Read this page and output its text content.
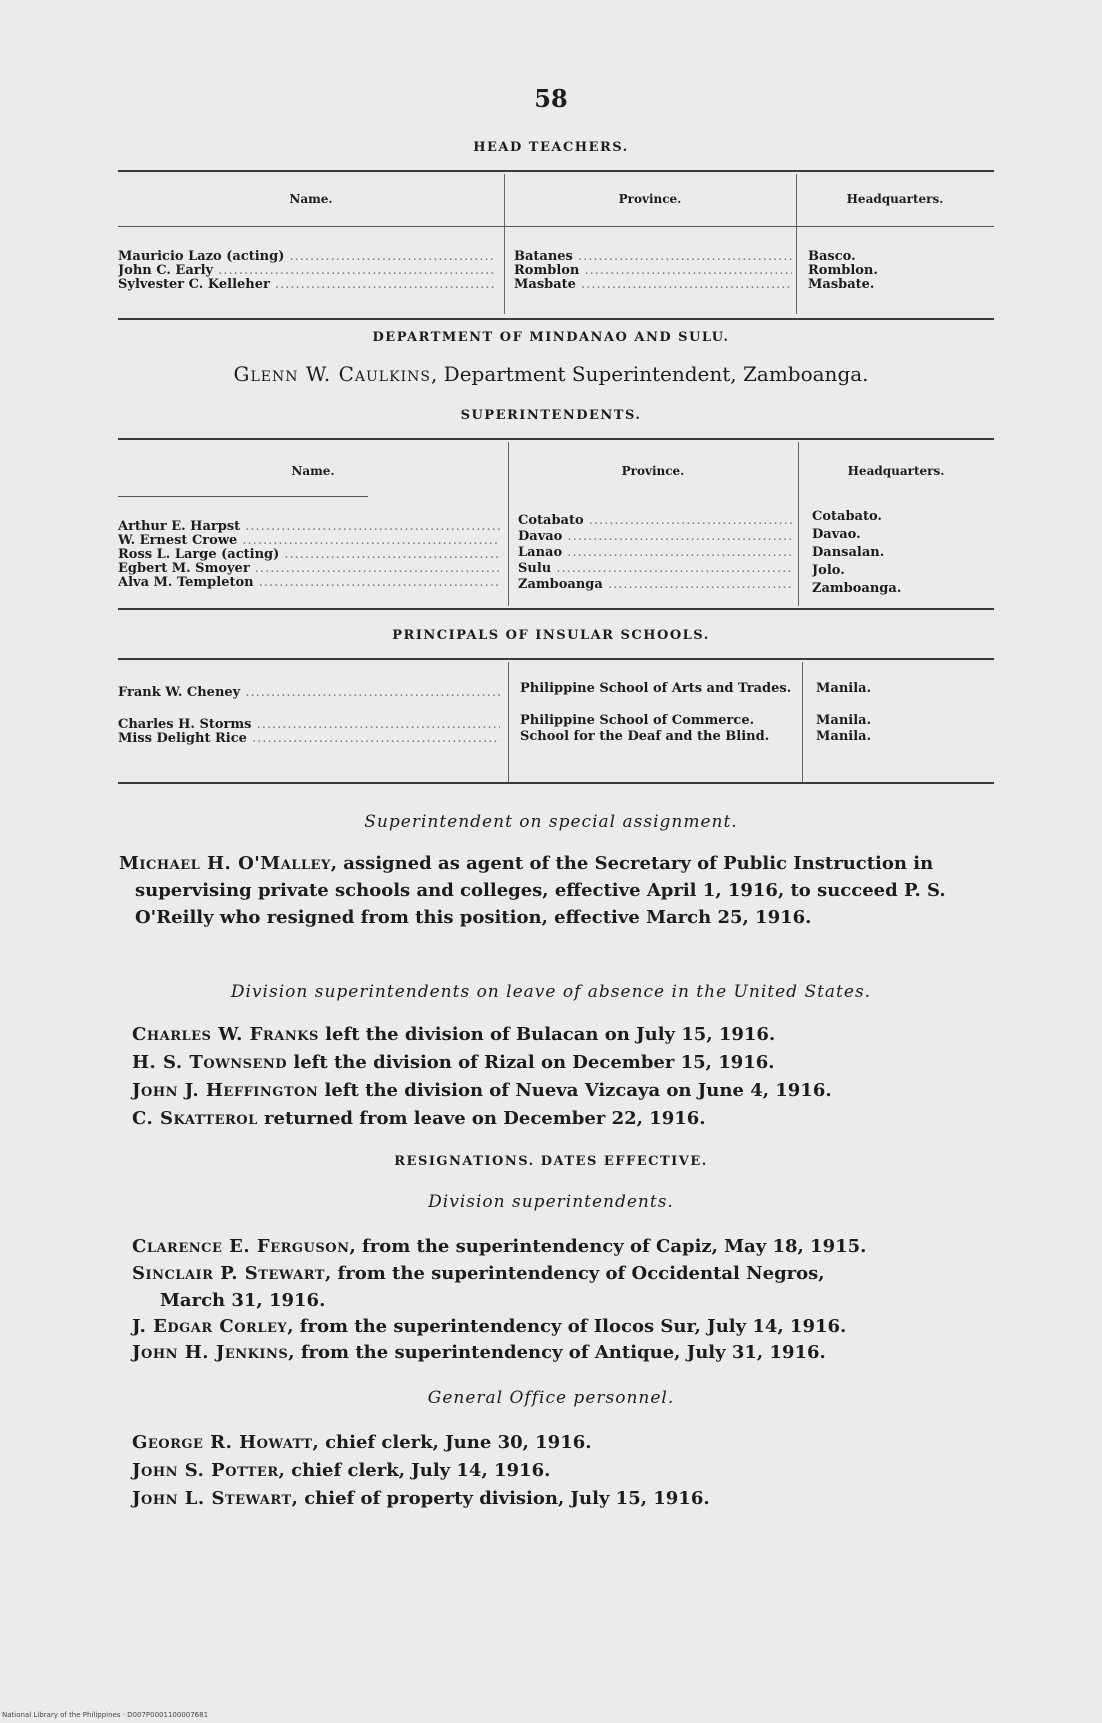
58
HEAD TEACHERS.
Name.	Province.	Headquarters.
Mauricio Lazo (acting) .....	Batanes .....	Basco.
John C. Early .....	Romblon .....	Romblon.
Sylvester C. Kelleher .....	Masbate .....	Masbate.
DEPARTMENT OF MINDANAO AND SULU.
Glenn W. Caulkins, Department Superintendent, Zamboanga.
SUPERINTENDENTS.
Name.	Province.	Headquarters.
Arthur E. Harpst .....	Cotabato .....	Cotabato.
W. Ernest Crowe .....	Davao .....	Davao.
Ross L. Large (acting) .....	Lanao .....	Dansalan.
Egbert M. Smoyer .....	Sulu .....	Jolo.
Alva M. Templeton .....	Zamboanga .....	Zamboanga.
PRINCIPALS OF INSULAR SCHOOLS.
Frank W. Cheney .....	Philippine School of Arts and Trades.	Manila.
Charles H. Storms .....	Philippine School of Commerce.	Manila.
Miss Delight Rice .....	School for the Deaf and the Blind.	Manila.
Superintendent on special assignment.
Michael H. O'Malley, assigned as agent of the Secretary of Public Instruction in supervising private schools and colleges, effective April 1, 1916, to succeed P. S. O'Reilly who resigned from this position, effective March 25, 1916.
Division superintendents on leave of absence in the United States.
Charles W. Franks left the division of Bulacan on July 15, 1916.
H. S. Townsend left the division of Rizal on December 15, 1916.
John J. Heffington left the division of Nueva Vizcaya on June 4, 1916.
C. Skatterol returned from leave on December 22, 1916.
RESIGNATIONS. DATES EFFECTIVE.
Division superintendents.
Clarence E. Ferguson, from the superintendency of Capiz, May 18, 1915.
Sinclair P. Stewart, from the superintendency of Occidental Negros,
March 31, 1916.
J. Edgar Corley, from the superintendency of Ilocos Sur, July 14, 1916.
John H. Jenkins, from the superintendency of Antique, July 31, 1916.
General Office personnel.
George R. Howatt, chief clerk, June 30, 1916.
John S. Potter, chief clerk, July 14, 1916.
John L. Stewart, chief of property division, July 15, 1916.
National Library of the Philippines · D007P0001100007681
